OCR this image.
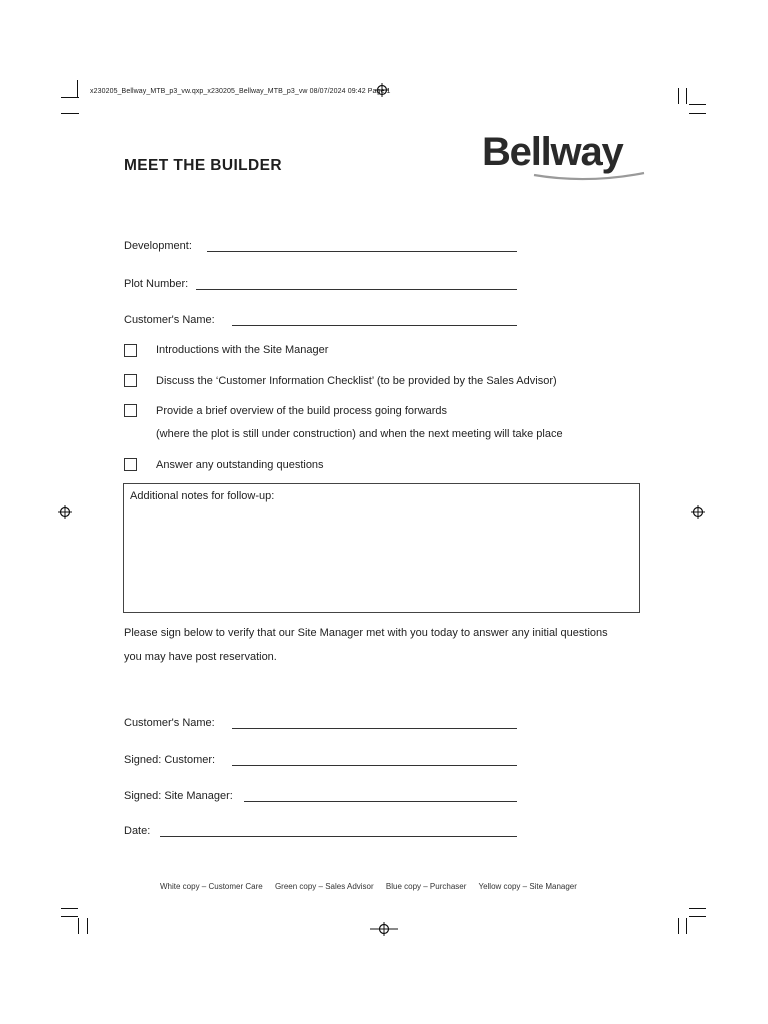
x230205_Bellway_MTB_p3_vw.qxp_x230205_Bellway_MTB_p3_vw 08/07/2024 09:42 Page 1
MEET THE BUILDER	Bellway
Development:
Plot Number:
Customer's Name:
Introductions with the Site Manager
Discuss the ‘Customer Information Checklist’ (to be provided by the Sales Advisor)
Provide a brief overview of the build process going forwards
(where the plot is still under construction) and when the next meeting will take place
Answer any outstanding questions
Additional notes for follow-up:
Please sign below to verify that our Site Manager met with you today to answer any initial questions
you may have post reservation.
Customer's Name:
Signed: Customer:
Signed: Site Manager:
Date:
White copy – Customer Care Green copy – Sales Advisor Blue copy – Purchaser Yellow copy – Site Manager
